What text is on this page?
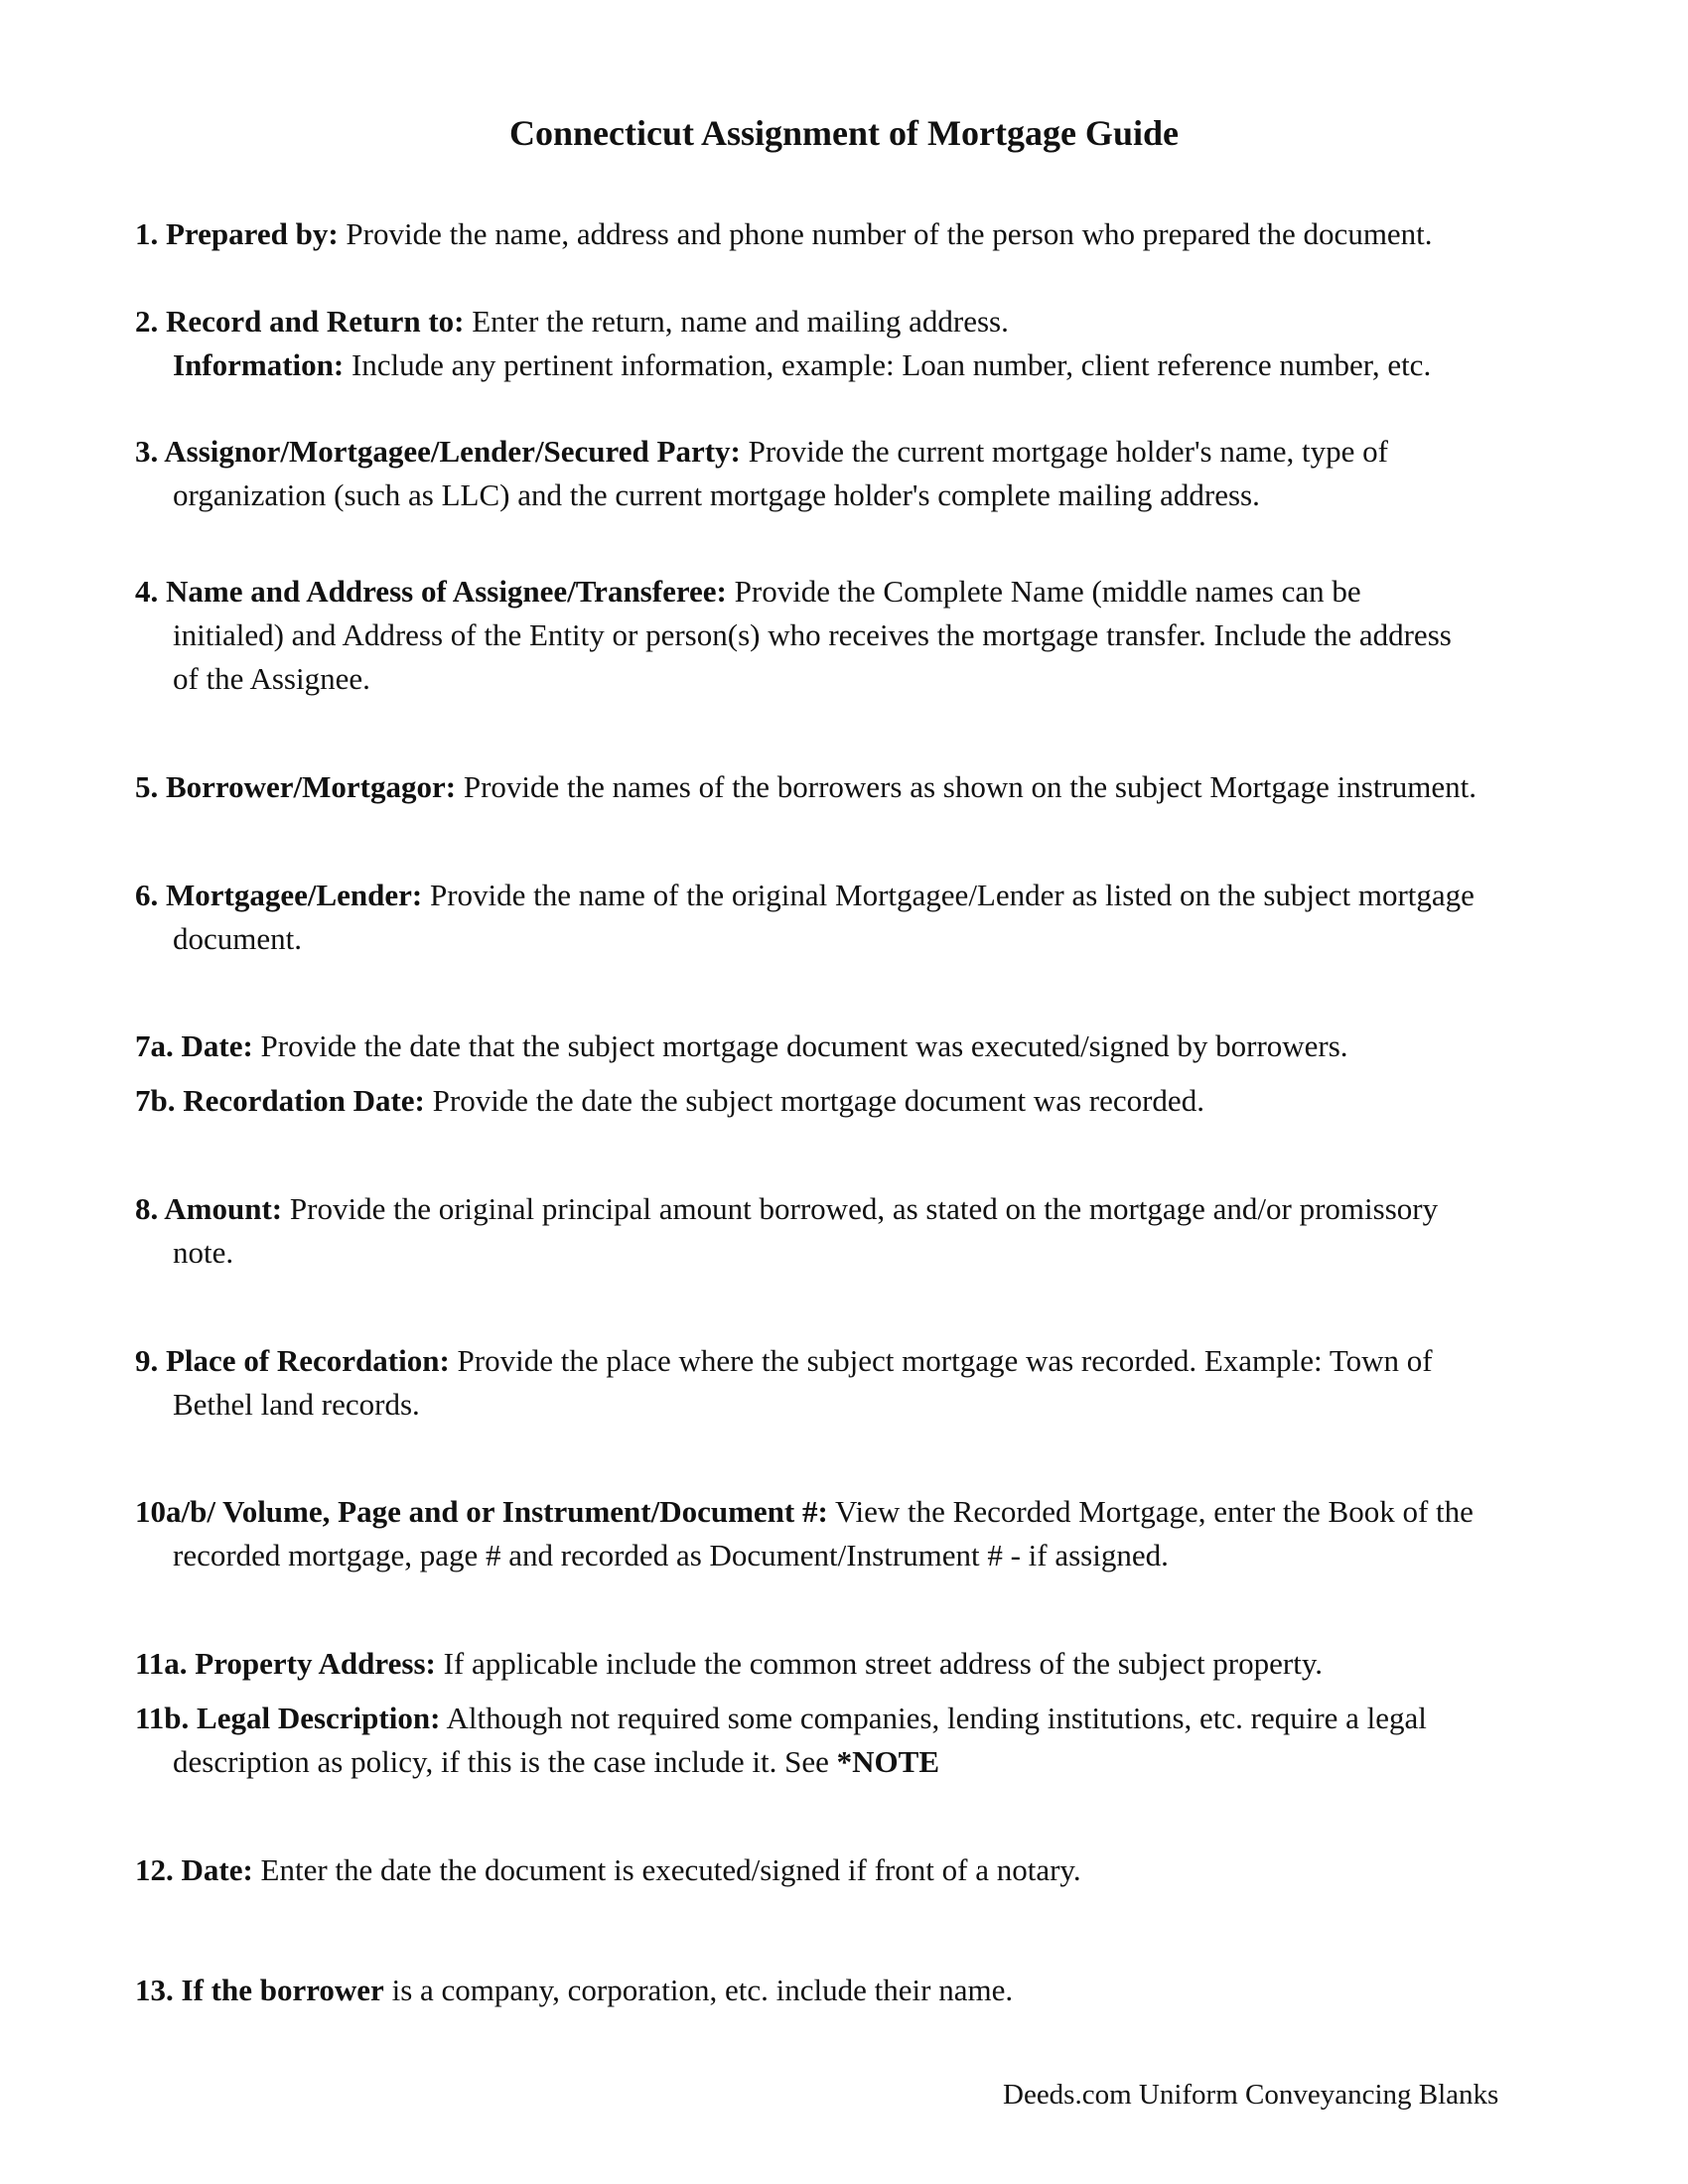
Connecticut Assignment of Mortgage Guide
1. Prepared by: Provide the name, address and phone number of the person who prepared the document.
2. Record and Return to: Enter the return, name and mailing address.
Information: Include any pertinent information, example: Loan number, client reference number, etc.
3. Assignor/Mortgagee/Lender/Secured Party: Provide the current mortgage holder's name, type of
organization (such as LLC) and the current mortgage holder's complete mailing address.
4. Name and Address of Assignee/Transferee: Provide the Complete Name (middle names can be
initialed) and Address of the Entity or person(s) who receives the mortgage transfer. Include the address
of the Assignee.
5. Borrower/Mortgagor: Provide the names of the borrowers as shown on the subject Mortgage instrument.
6. Mortgagee/Lender: Provide the name of the original Mortgagee/Lender as listed on the subject mortgage
document.
7a. Date: Provide the date that the subject mortgage document was executed/signed by borrowers.
7b. Recordation Date: Provide the date the subject mortgage document was recorded.
8. Amount: Provide the original principal amount borrowed, as stated on the mortgage and/or promissory
note.
9. Place of Recordation: Provide the place where the subject mortgage was recorded. Example: Town of
Bethel land records.
10a/b/ Volume, Page and or Instrument/Document #: View the Recorded Mortgage, enter the Book of the
recorded mortgage, page # and recorded as Document/Instrument # - if assigned.
11a. Property Address: If applicable include the common street address of the subject property.
11b. Legal Description: Although not required some companies, lending institutions, etc. require a legal
description as policy, if this is the case include it. See *NOTE
12. Date: Enter the date the document is executed/signed if front of a notary.
13. If the borrower is a company, corporation, etc. include their name.
Deeds.com Uniform Conveyancing Blanks
